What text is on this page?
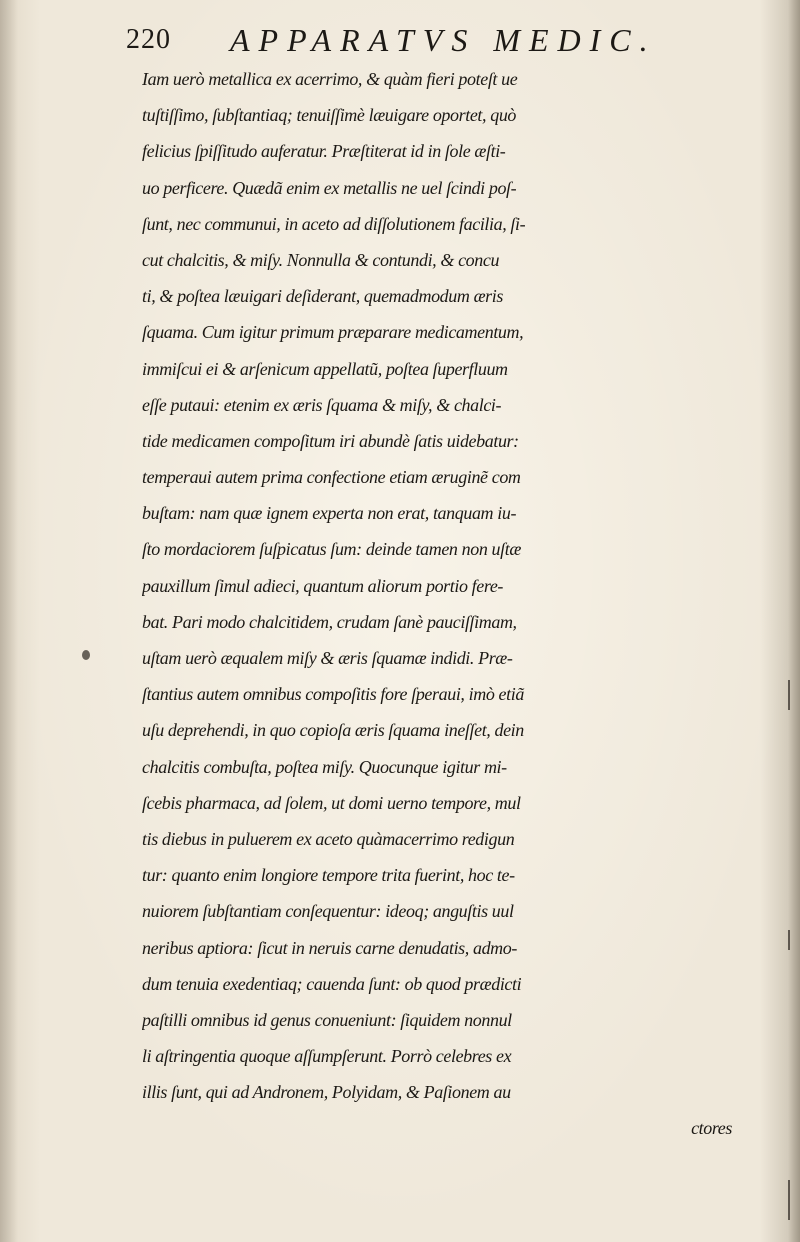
220 APPARATVS MEDIC.
Iam uerò metallica ex acerrimo, & quàm fieri poteſt ue
tuſtiſſimo, ſubſtantiaq; tenuiſſimè læuigare oportet, quò
felicius ſpiſſitudo auferatur. Præſtiterat id in ſole æſti-
uo perficere. Quædã enim ex metallis ne uel ſcindi poſ-
ſunt, nec communui, in aceto ad diſſolutionem facilia, ſi-
cut chalcitis, & miſy. Nonnulla & contundi, & concu
ti, & poſtea læuigari deſiderant, quemadmodum æris
ſquama. Cum igitur primum præparare medicamentum,
immiſcui ei & arſenicum appellatũ, poſtea ſuperfluum
eſſe putaui: etenim ex æris ſquama & miſy, & chalci-
tide medicamen compoſitum iri abundè ſatis uidebatur:
temperaui autem prima confectione etiam æruginẽ com
buſtam: nam quæ ignem experta non erat, tanquam iu-
ſto mordaciorem ſuſpicatus ſum: deinde tamen non uſtæ
pauxillum ſimul adieci, quantum aliorum portio fere-
bat. Pari modo chalcitidem, crudam ſanè pauciſſimam,
uſtam uerò æqualem miſy & æris ſquamæ indidi. Præ-
ſtantius autem omnibus compoſitis fore ſperaui, imò etiã
uſu deprehendi, in quo copioſa æris ſquama ineſſet, dein
chalcitis combuſta, poſtea miſy. Quocunque igitur mi-
ſcebis pharmaca, ad ſolem, ut domi uerno tempore, mul
tis diebus in puluerem ex aceto quàmacerrimo redigun
tur: quanto enim longiore tempore trita fuerint, hoc te-
nuiorem ſubſtantiam conſequentur: ideoq; anguſtis uul
neribus aptiora: ſicut in neruis carne denudatis, admo-
dum tenuia exedentiaq; cauenda ſunt: ob quod prædicti
paſtilli omnibus id genus conueniunt: ſiquidem nonnul
li aſtringentia quoque aſſumpſerunt. Porrò celebres ex
illis ſunt, qui ad Andronem, Polyidam, & Paſionem au
ctores
